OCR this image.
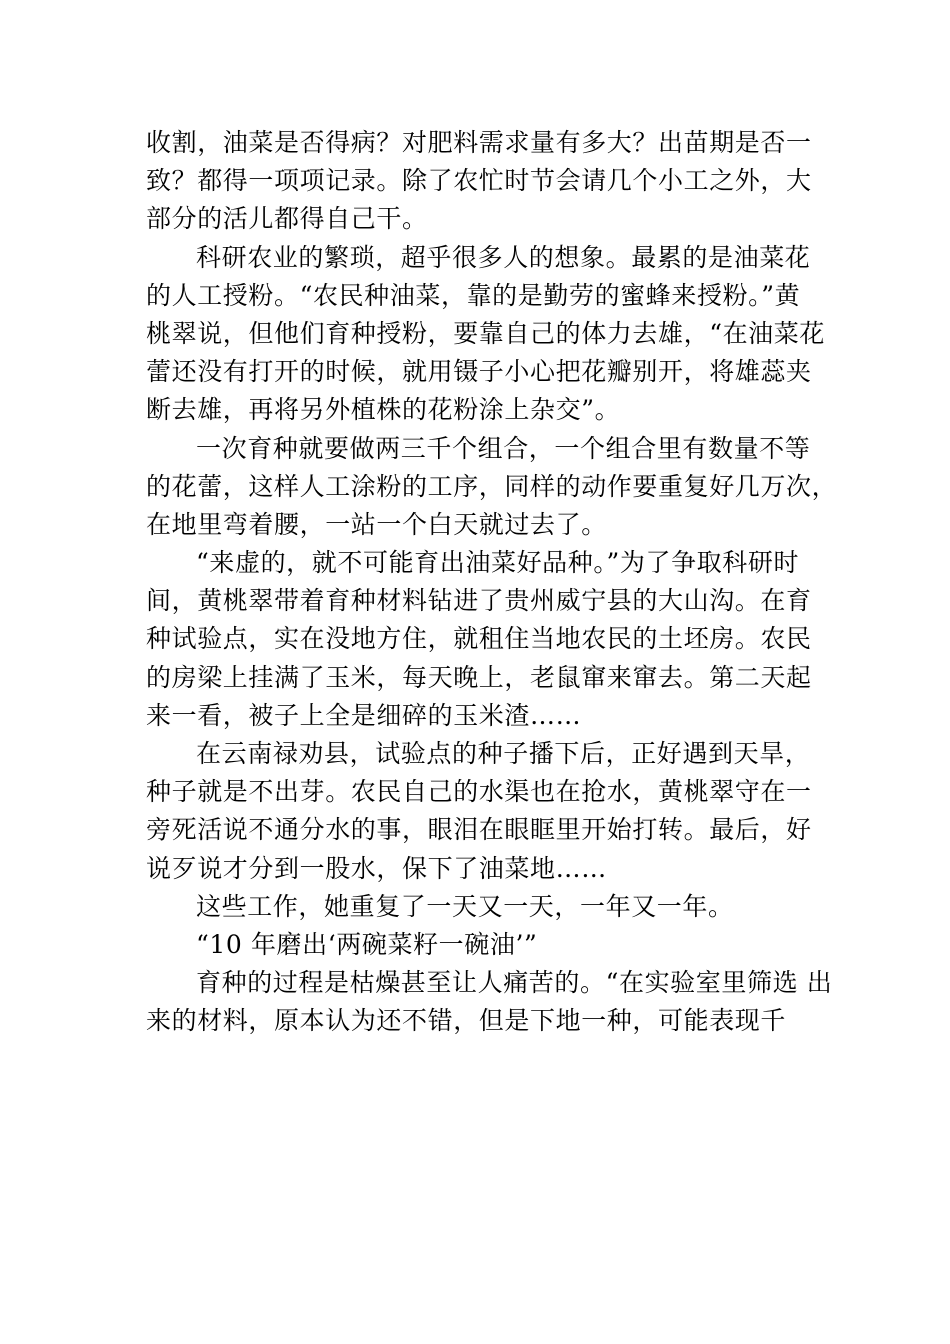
收割，油菜是否得病？对肥料需求量有多大？出苗期是否一
致？都得一项项记录。除了农忙时节会请几个小工之外，大
部分的活儿都得自己干。
科研农业的繁琐，超乎很多人的想象。最累的是油菜花
的人工授粉。“农民种油菜，靠的是勤劳的蜜蜂来授粉。”黄
桃翠说，但他们育种授粉，要靠自己的体力去雄，“在油菜花
蕾还没有打开的时候，就用镊子小心把花瓣别开，将雄蕊夹
断去雄，再将另外植株的花粉涂上杂交”。
一次育种就要做两三千个组合，一个组合里有数量不等
的花蕾，这样人工涂粉的工序，同样的动作要重复好几万次，
在地里弯着腰，一站一个白天就过去了。
“来虚的，就不可能育出油菜好品种。”为了争取科研时
间，黄桃翠带着育种材料钻进了贵州威宁县的大山沟。在育
种试验点，实在没地方住，就租住当地农民的土坯房。农民
的房梁上挂满了玉米，每天晚上，老鼠窜来窜去。第二天起
来一看，被子上全是细碎的玉米渣……
在云南禄劝县，试验点的种子播下后，正好遇到天旱，
种子就是不出芽。农民自己的水渠也在抢水，黄桃翠守在一
旁死活说不通分水的事，眼泪在眼眶里开始打转。最后，好
说歹说才分到一股水，保下了油菜地……
这些工作，她重复了一天又一天，一年又一年。
“10 年磨出‘两碗菜籽一碗油’”
育种的过程是枯燥甚至让人痛苦的。“在实验室里筛选 出
来的材料，原本认为还不错，但是下地一种，可能表现千
